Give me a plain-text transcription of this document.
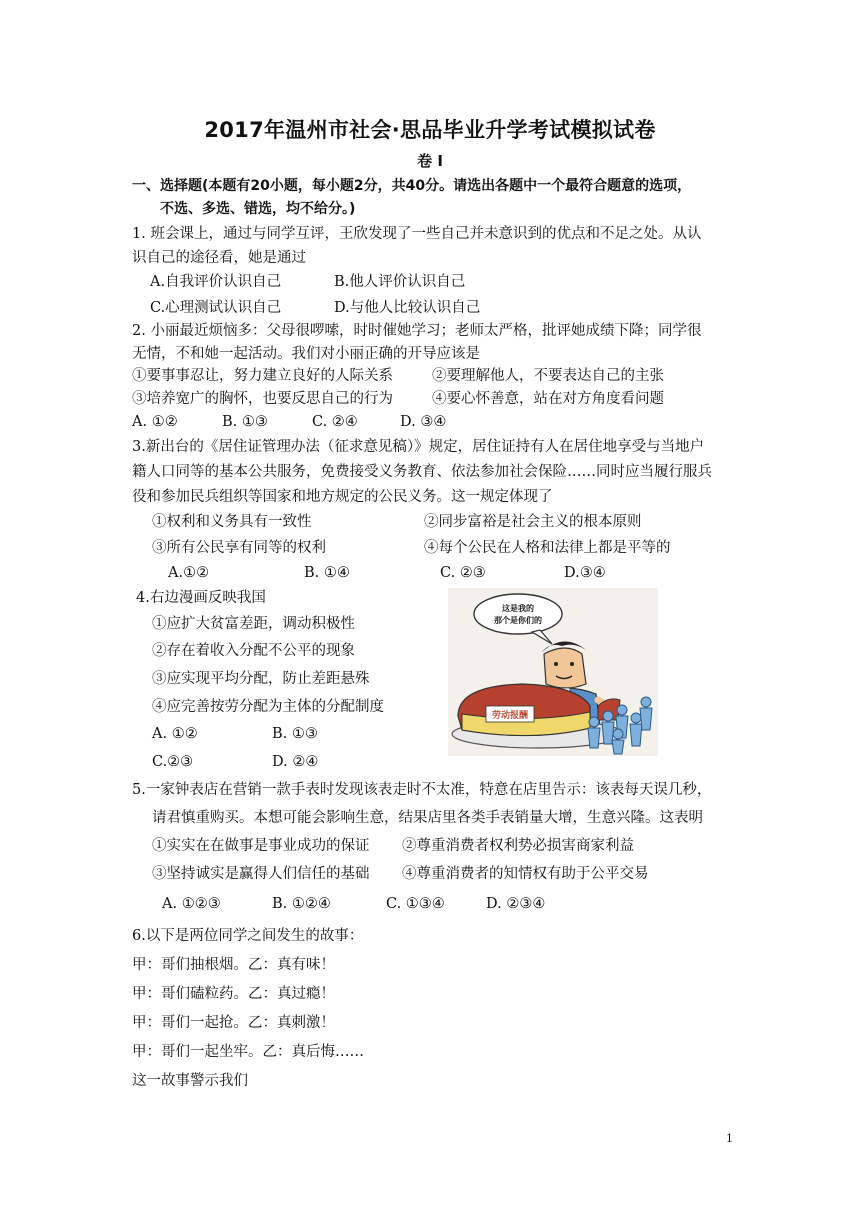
2017年温州市社会·思品毕业升学考试模拟试卷
卷 Ⅰ
一、选择题(本题有20小题，每小题2分，共40分。请选出各题中一个最符合题意的选项，
不选、多选、错选，均不给分。)
1. 班会课上，通过与同学互评，王欣发现了一些自己并未意识到的优点和不足之处。从认
识自己的途径看，她是通过
A.自我评价认识自己	B.他人评价认识自己
C.心理测试认识自己	D.与他人比较认识自己
2. 小丽最近烦恼多：父母很啰嗦，时时催她学习；老师太严格，批评她成绩下降；同学很
无情，不和她一起活动。我们对小丽正确的开导应该是
①要事事忍让，努力建立良好的人际关系	②要理解他人，不要表达自己的主张
③培养宽广的胸怀，也要反思自己的行为	④要心怀善意，站在对方角度看问题
A. ①②	B. ①③	C. ②④	D. ③④
3.新出台的《居住证管理办法（征求意见稿）》规定，居住证持有人在居住地享受与当地户
籍人口同等的基本公共服务，免费接受义务教育、依法参加社会保险……同时应当履行服兵
役和参加民兵组织等国家和地方规定的公民义务。这一规定体现了
①权利和义务具有一致性	②同步富裕是社会主义的根本原则
③所有公民享有同等的权利	④每个公民在人格和法律上都是平等的
A.①②	B. ①④	C. ②③	D.③④
4.右边漫画反映我国
①应扩大贫富差距，调动积极性
②存在着收入分配不公平的现象
③应实现平均分配，防止差距悬殊
④应完善按劳分配为主体的分配制度
A. ①②	B. ①③
C.②③	D. ②④
这是我的
那个是你们的
劳动报酬
5.一家钟表店在营销一款手表时发现该表走时不太准，特意在店里告示：该表每天误几秒，
请君慎重购买。本想可能会影响生意，结果店里各类手表销量大增，生意兴隆。这表明
①实实在在做事是事业成功的保证 ②尊重消费者权利势必损害商家利益
③坚持诚实是赢得人们信任的基础 ④尊重消费者的知情权有助于公平交易
A. ①②③	B. ①②④	C. ①③④	D. ②③④
6.以下是两位同学之间发生的故事：
甲：哥们抽根烟。乙：真有味！
甲：哥们磕粒药。乙：真过瘾！
甲：哥们一起抢。乙：真刺激！
甲：哥们一起坐牢。乙：真后悔……
这一故事警示我们
1
